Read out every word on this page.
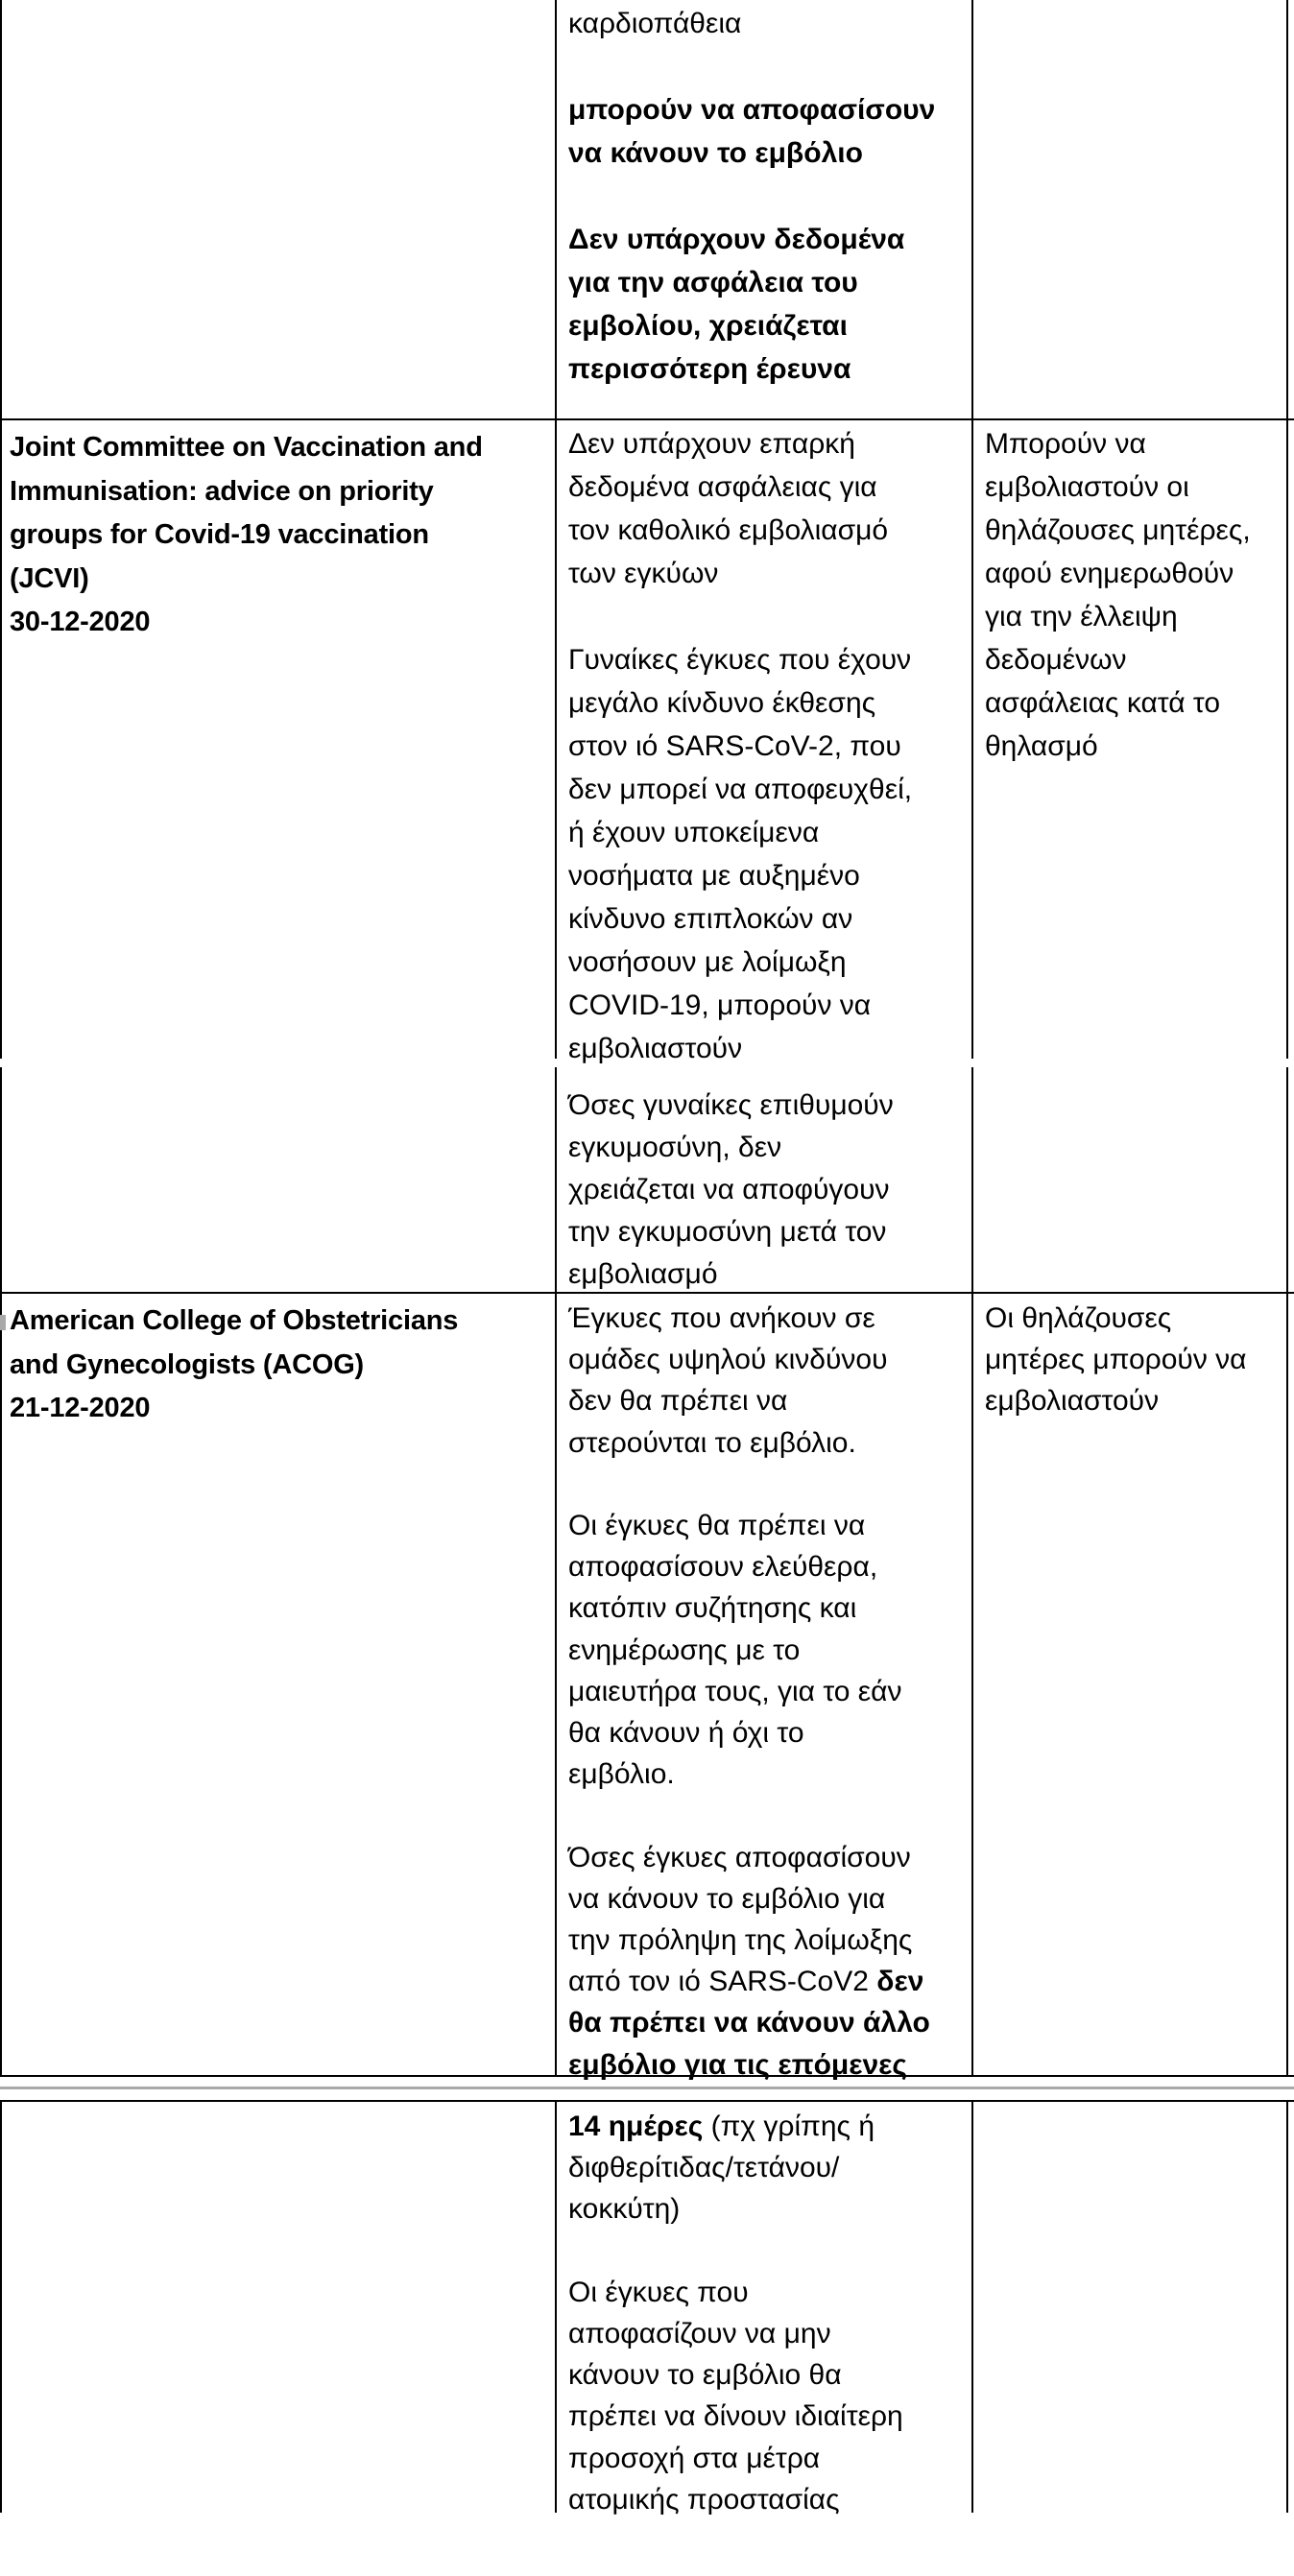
καρδιοπάθεια

μπορούν να αποφασίσουν
να κάνουν το εμβόλιο

Δεν υπάρχουν δεδομένα
για την ασφάλεια του
εμβολίου, χρειάζεται
περισσότερη έρευνα
Joint Committee on Vaccination and
Immunisation: advice on priority
groups for Covid-19 vaccination
(JCVI)
30-12-2020
Δεν υπάρχουν επαρκή
δεδομένα ασφάλειας για
τον καθολικό εμβολιασμό
των εγκύων

Γυναίκες έγκυες που έχουν
μεγάλο κίνδυνο έκθεσης
στον ιό SARS-CoV-2, που
δεν μπορεί να αποφευχθεί,
ή έχουν υποκείμενα
νοσήματα με αυξημένο
κίνδυνο επιπλοκών αν
νοσήσουν με λοίμωξη
COVID-19, μπορούν να
εμβολιαστούν
Όσες γυναίκες επιθυμούν
εγκυμοσύνη, δεν
χρειάζεται να αποφύγουν
την εγκυμοσύνη μετά τον
εμβολιασμό
Μπορούν να
εμβολιαστούν οι
θηλάζουσες μητέρες,
αφού ενημερωθούν
για την έλλειψη
δεδομένων
ασφάλειας κατά το
θηλασμό
American College of Obstetricians
and Gynecologists (ACOG)
21-12-2020
Έγκυες που ανήκουν σε
ομάδες υψηλού κινδύνου
δεν θα πρέπει να
στερούνται το εμβόλιο.

Οι έγκυες θα πρέπει να
αποφασίσουν ελεύθερα,
κατόπιν συζήτησης και
ενημέρωσης με το
μαιευτήρα τους, για το εάν
θα κάνουν ή όχι το
εμβόλιο.

Όσες έγκυες αποφασίσουν
να κάνουν το εμβόλιο για
την πρόληψη της λοίμωξης
από τον ιό SARS-CoV2 δεν
θα πρέπει να κάνουν άλλο
εμβόλιο για τις επόμενες
Οι θηλάζουσες
μητέρες μπορούν να
εμβολιαστούν
14 ημέρες (πχ γρίπης ή
διφθερίτιδας/τετάνου/
κοκκύτη)

Οι έγκυες που
αποφασίζουν να μην
κάνουν το εμβόλιο θα
πρέπει να δίνουν ιδιαίτερη
προσοχή στα μέτρα
ατομικής προστασίας
